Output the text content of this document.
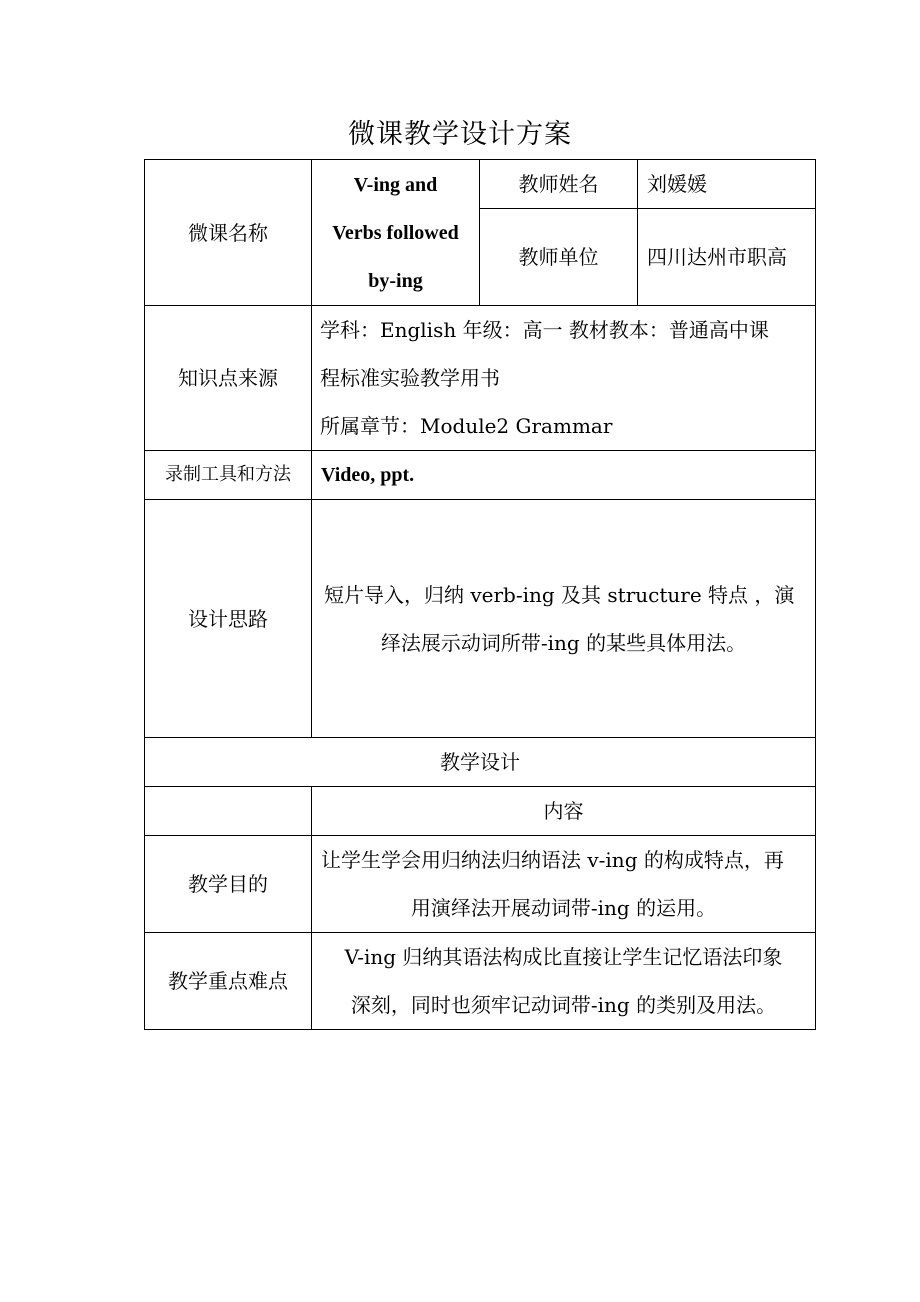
微课教学设计方案
微课名称	V-ing and
Verbs followed
by-ing	教师姓名	刘媛媛
		教师单位	四川达州市职高
知识点来源	学科：English 年级：高一 教材教本：普通高中课
程标准实验教学用书
所属章节：Module2 Grammar		

录制工具和方法	Video, ppt.		
设计思路	短片导入，归纳 verb-ing 及其 structure 特点 ，演
绎法展示动词所带-ing 的某些具体用法。		

教学设计			
	内容		
教学目的	让学生学会用归纳法归纳语法 v-ing 的构成特点，再
用演绎法开展动词带-ing 的运用。		

教学重点难点	V-ing 归纳其语法构成比直接让学生记忆语法印象
深刻，同时也须牢记动词带-ing 的类别及用法。		
